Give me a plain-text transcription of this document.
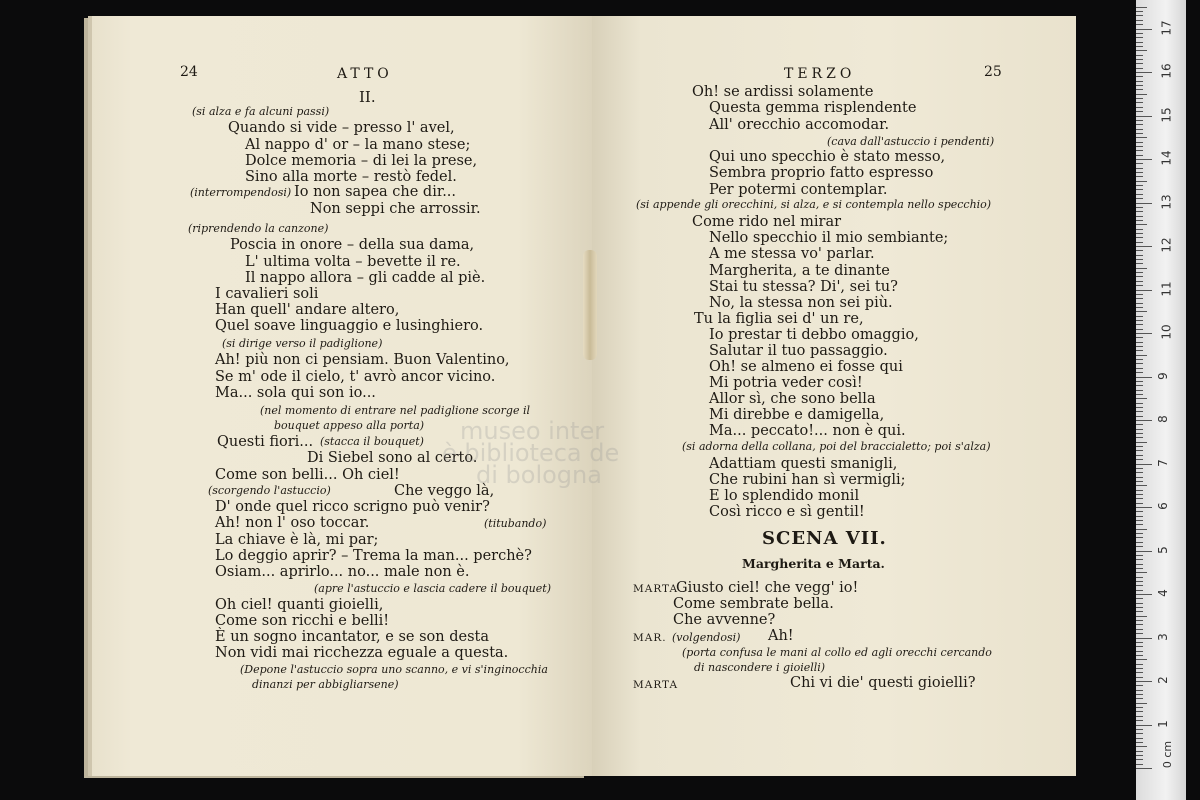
24	ATTO
II.
(si alza e fa alcuni passi)
Quando si vide – presso l' avel,
Al nappo d' or – la mano stese;
Dolce memoria – di lei la prese,
Sino alla morte – restò fedel.
(interrompendosi) Io non sapea che dir...
Non seppi che arrossir.
(riprendendo la canzone)
Poscia in onore – della sua dama,
L' ultima volta – bevette il re.
Il nappo allora – gli cadde al piè.
I cavalieri soli
Han quell' andare altero,
Quel soave linguaggio e lusinghiero.
(si dirige verso il padiglione)
Ah! più non ci pensiam. Buon Valentino,
Se m' ode il cielo, t' avrò ancor vicino.
Ma... sola qui son io...
(nel momento di entrare nel padiglione scorge il
bouquet appeso alla porta)
Questi fiori... (stacca il bouquet)
Di Siebel sono al certo.
Come son belli... Oh ciel!
(scorgendo l'astuccio)	Che veggo là,
D' onde quel ricco scrigno può venir?
Ah! non l' oso toccar.	(titubando)
La chiave è là, mi par;
Lo deggio aprir? – Trema la man... perchè?
Osiam... aprirlo... no... male non è.
(apre l'astuccio e lascia cadere il bouquet)
Oh ciel! quanti gioielli,
Come son ricchi e belli!
È un sogno incantator, e se son desta
Non vidi mai ricchezza eguale a questa.
(Depone l'astuccio sopra uno scanno, e vi s'inginocchia
dinanzi per abbigliarsene)
TERZO	25
Oh! se ardissi solamente
Questa gemma risplendente
All' orecchio accomodar.
(cava dall'astuccio i pendenti)
Qui uno specchio è stato messo,
Sembra proprio fatto espresso
Per potermi contemplar.
(si appende gli orecchini, si alza, e si contempla nello specchio)
Come rido nel mirar
Nello specchio il mio sembiante;
A me stessa vo' parlar.
Margherita, a te dinante
Stai tu stessa? Di', sei tu?
No, la stessa non sei più.
Tu la figlia sei d' un re,
Io prestar ti debbo omaggio,
Salutar il tuo passaggio.
Oh! se almeno ei fosse qui
Mi potria veder così!
Allor sì, che sono bella
Mi direbbe e damigella,
Ma... peccato!... non è qui.
(si adorna della collana, poi del braccialetto; poi s'alza)
Adattiam questi smanigli,
Che rubini han sì vermigli;
E lo splendido monil
Così ricco e sì gentil!
SCENA VII.
Margherita e Marta.
MARTA
Giusto ciel! che vegg' io!
Come sembrate bella.
Che avvenne?
MAR. (volgendosi) Ah!
(porta confusa le mani al collo ed agli orecchi cercando
di nascondere i gioielli)
MARTA	Chi vi die' questi gioielli?
museo inter
è biblioteca de
di bologna
0 cm
1
2
3
4
5
6
7
8
9
10
11
12
13
14
15
16
17
